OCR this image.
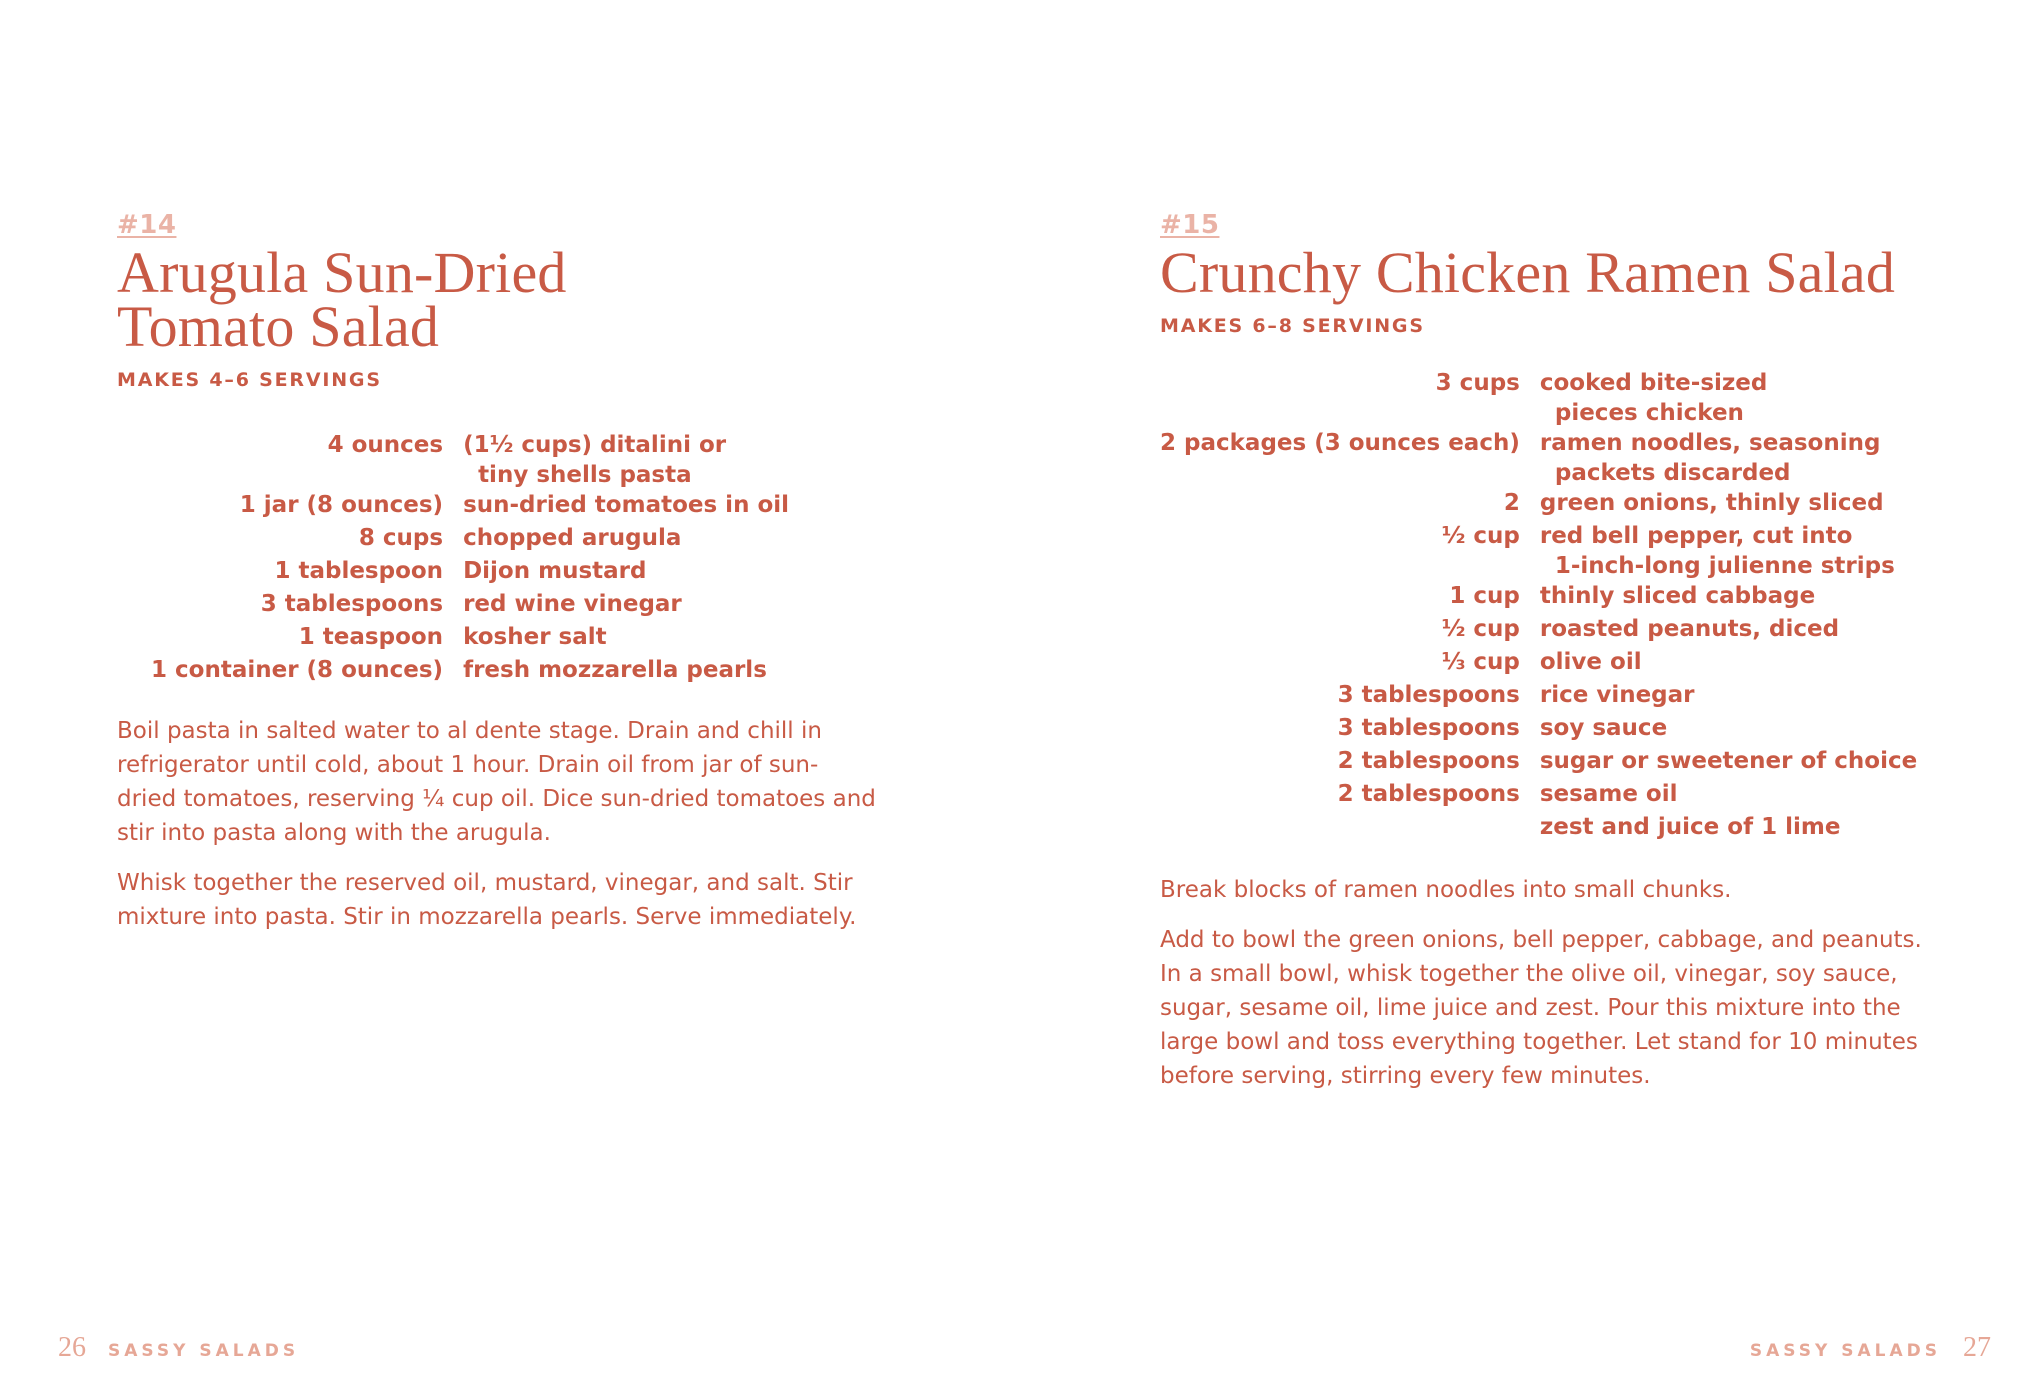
#14
Arugula Sun-Dried
Tomato Salad
MAKES 4–6 SERVINGS
4 ounces	(1½ cups) ditalini or
tiny shells pasta

1 jar (8 ounces)	sun-dried tomatoes in oil
8 cups	chopped arugula
1 tablespoon	Dijon mustard
3 tablespoons	red wine vinegar
1 teaspoon	kosher salt
1 container (8 ounces)	fresh mozzarella pearls

Boil pasta in salted water to al dente stage. Drain and chill in refrigerator until cold, about 1 hour. Drain oil from jar of sun-dried tomatoes, reserving ¼ cup oil. Dice sun-dried tomatoes and stir into pasta along with the arugula.

Whisk together the reserved oil, mustard, vinegar, and salt. Stir mixture into pasta. Stir in mozzarella pearls. Serve immediately.

26 SASSY SALADS
#15
Crunchy Chicken Ramen Salad
MAKES 6–8 SERVINGS
3 cups	cooked bite-sized
pieces chicken

2 packages (3 ounces each)	ramen noodles, seasoning
packets discarded

2	green onions, thinly sliced
½ cup	red bell pepper, cut into
1-inch-long julienne strips

1 cup	thinly sliced cabbage
½ cup	roasted peanuts, diced
⅓ cup	olive oil
3 tablespoons	rice vinegar
3 tablespoons	soy sauce
2 tablespoons	sugar or sweetener of choice
2 tablespoons	sesame oil
	zest and juice of 1 lime

Break blocks of ramen noodles into small chunks.

Add to bowl the green onions, bell pepper, cabbage, and peanuts. In a small bowl, whisk together the olive oil, vinegar, soy sauce, sugar, sesame oil, lime juice and zest. Pour this mixture into the large bowl and toss everything together. Let stand for 10 minutes before serving, stirring every few minutes.

SASSY SALADS 27
